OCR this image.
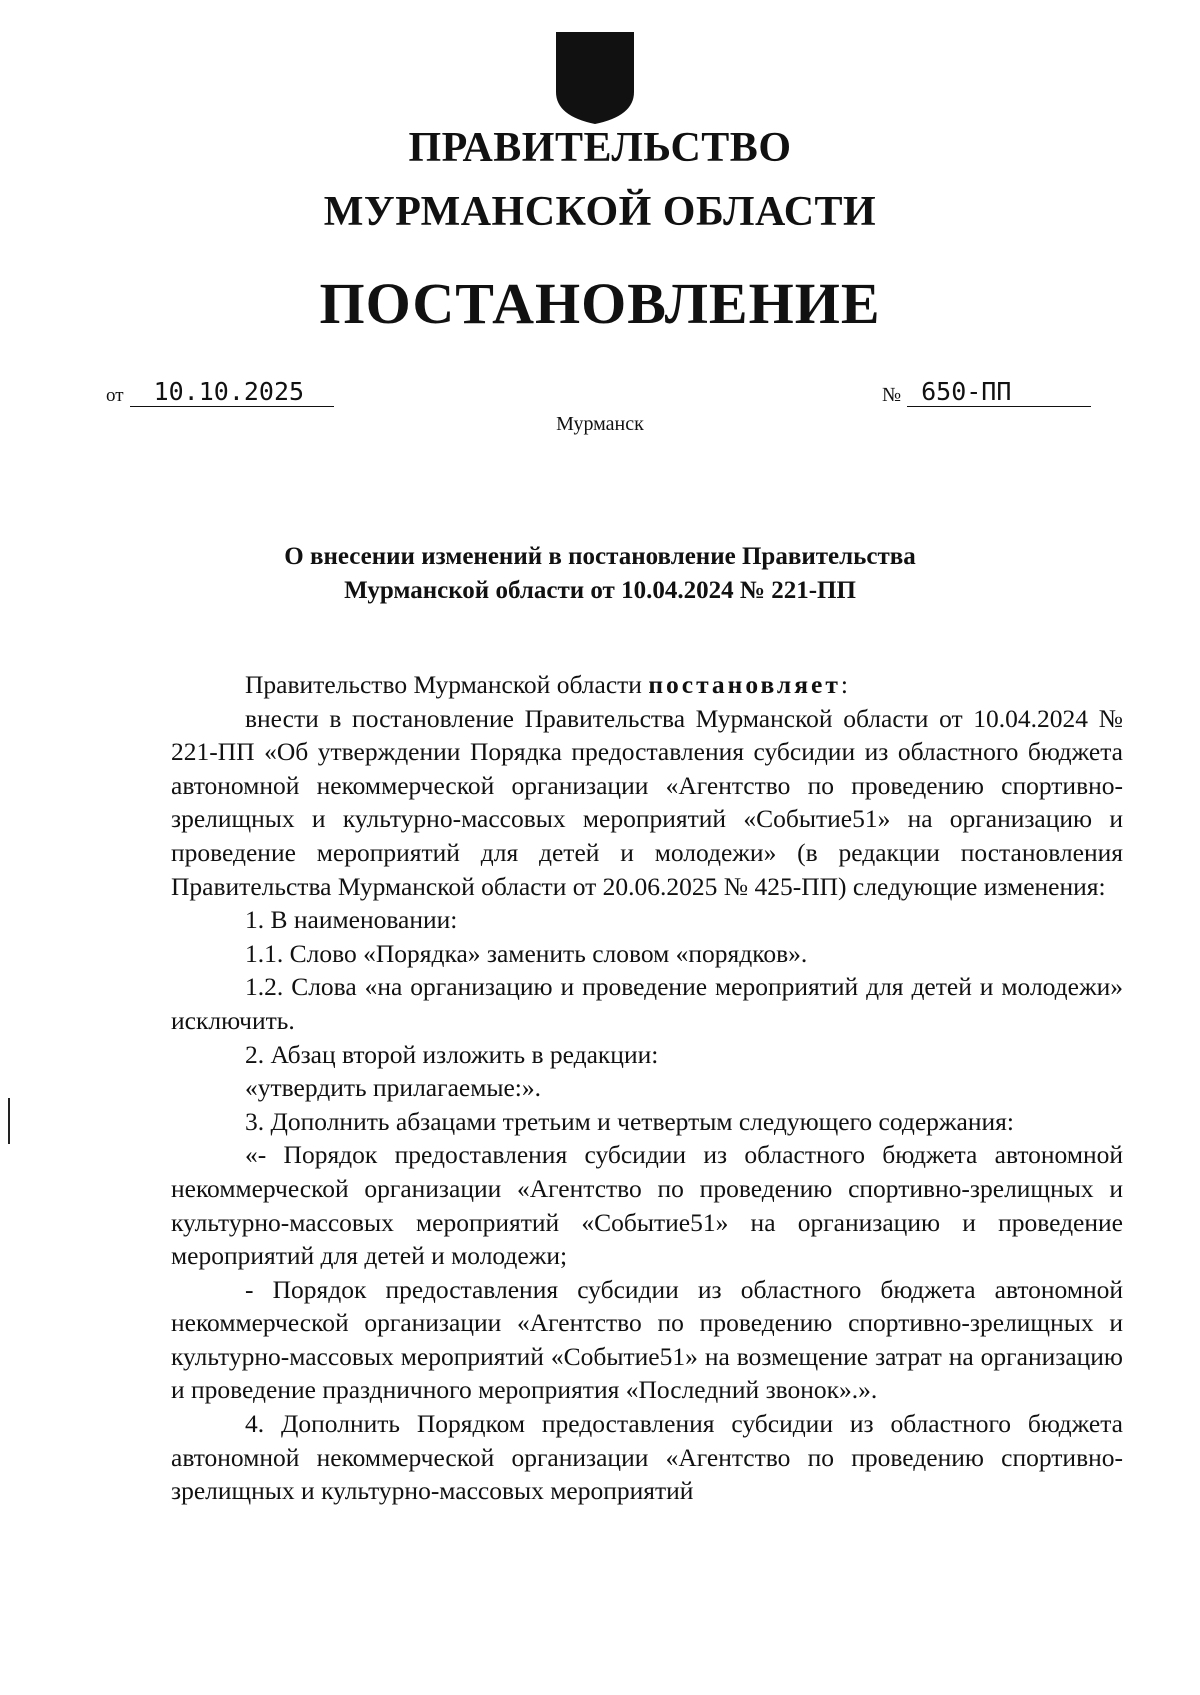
ПРАВИТЕЛЬСТВО
МУРМАНСКОЙ ОБЛАСТИ
ПОСТАНОВЛЕНИЕ
от	10.10.2025	№ 650-ПП
Мурманск
О внесении изменений в постановление Правительства
Мурманской области от 10.04.2024 № 221-ПП

Правительство Мурманской области постановляет:

внести в постановление Правительства Мурманской области от 10.04.2024 № 221-ПП «Об утверждении Порядка предоставления субсидии из областного бюджета автономной некоммерческой организации «Агентство по проведению спортивно-зрелищных и культурно-массовых мероприятий «Событие51» на организацию и проведение мероприятий для детей и молодежи» (в редакции постановления Правительства Мурманской области от 20.06.2025 № 425-ПП) следующие изменения:

1. В наименовании:

1.1. Слово «Порядка» заменить словом «порядков».

1.2. Слова «на организацию и проведение мероприятий для детей и молодежи» исключить.

2. Абзац второй изложить в редакции:

«утвердить прилагаемые:».

3. Дополнить абзацами третьим и четвертым следующего содержания:

«- Порядок предоставления субсидии из областного бюджета автономной некоммерческой организации «Агентство по проведению спортивно-зрелищных и культурно-массовых мероприятий «Событие51» на организацию и проведение мероприятий для детей и молодежи;

- Порядок предоставления субсидии из областного бюджета автономной некоммерческой организации «Агентство по проведению спортивно-зрелищных и культурно-массовых мероприятий «Событие51» на возмещение затрат на организацию и проведение праздничного мероприятия «Последний звонок».».

4. Дополнить Порядком предоставления субсидии из областного бюджета автономной некоммерческой организации «Агентство по проведению спортивно-зрелищных и культурно-массовых мероприятий
